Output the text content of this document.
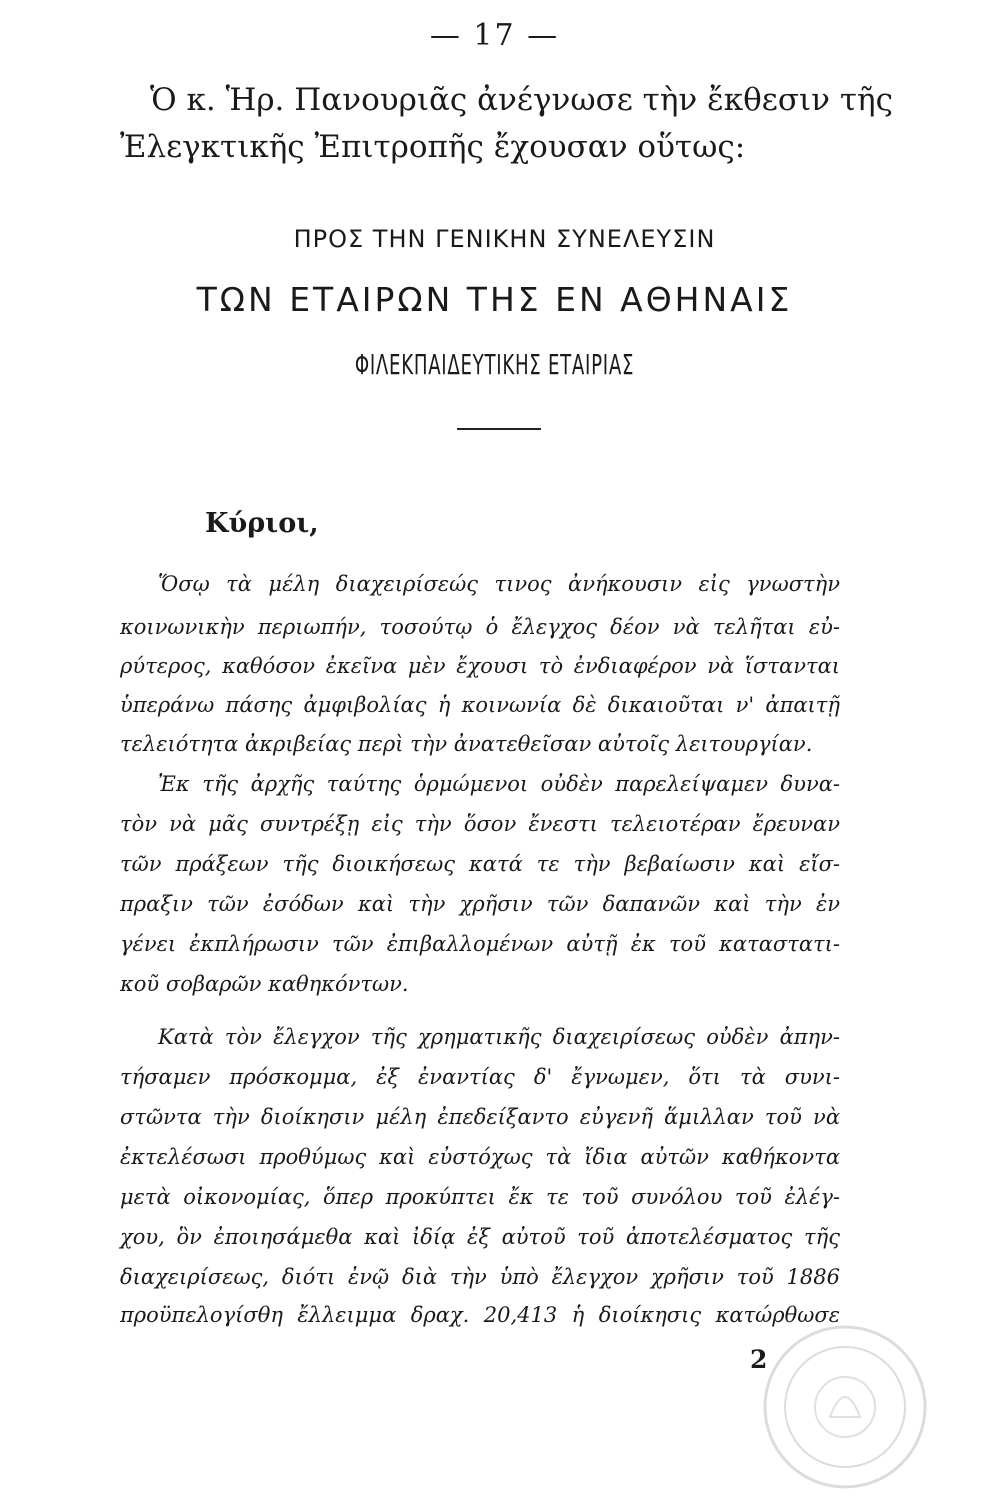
— 17 —
Ὁ κ. Ἡρ. Πανουριᾶς ἀνέγνωσε τὴν ἔκθεσιν τῆς
Ἐλεγκτικῆς Ἐπιτροπῆς ἔχουσαν οὕτως:
ΠΡΟΣ ΤΗΝ ΓΕΝΙΚΗΝ ΣΥΝΕΛΕΥΣΙΝ
ΤΩΝ ΕΤΑΙΡΩΝ ΤΗΣ ΕΝ ΑΘΗΝΑΙΣ
ΦΙΛΕΚΠΑΙΔΕΥΤΙΚΗΣ ΕΤΑΙΡΙΑΣ
Κύριοι,
Ὅσῳ τὰ μέλη διαχειρίσεώς τινος ἀνήκουσιν εἰς γνωστὴν
κοινωνικὴν περιωπήν, τοσούτῳ ὁ ἔλεγχος δέον νὰ τελῆται εὐ-
ρύτερος, καθόσον ἐκεῖνα μὲν ἔχουσι τὸ ἐνδιαφέρον νὰ ἵστανται
ὑπεράνω πάσης ἀμφιβολίας ἡ κοινωνία δὲ δικαιοῦται ν' ἀπαιτῇ
τελειότητα ἀκριβείας περὶ τὴν ἀνατεθεῖσαν αὐτοῖς λειτουργίαν.
Ἐκ τῆς ἀρχῆς ταύτης ὁρμώμενοι οὐδὲν παρελείψαμεν δυνα-
τὸν νὰ μᾶς συντρέξῃ εἰς τὴν ὅσον ἔνεστι τελειοτέραν ἔρευναν
τῶν πράξεων τῆς διοικήσεως κατά τε τὴν βεβαίωσιν καὶ εἴσ-
πραξιν τῶν ἐσόδων καὶ τὴν χρῆσιν τῶν δαπανῶν καὶ τὴν ἐν
γένει ἐκπλήρωσιν τῶν ἐπιβαλλομένων αὐτῇ ἐκ τοῦ καταστατι-
κοῦ σοβαρῶν καθηκόντων.
Κατὰ τὸν ἔλεγχον τῆς χρηματικῆς διαχειρίσεως οὐδὲν ἀπην-
τήσαμεν πρόσκομμα, ἐξ ἐναντίας δ' ἔγνωμεν, ὅτι τὰ συνι-
στῶντα τὴν διοίκησιν μέλη ἐπεδείξαντο εὐγενῆ ἅμιλλαν τοῦ νὰ
ἐκτελέσωσι προθύμως καὶ εὐστόχως τὰ ἴδια αὐτῶν καθήκοντα
μετὰ οἰκονομίας, ὅπερ προκύπτει ἔκ τε τοῦ συνόλου τοῦ ἐλέγ-
χου, ὃν ἐποιησάμεθα καὶ ἰδίᾳ ἐξ αὐτοῦ τοῦ ἀποτελέσματος τῆς
διαχειρίσεως, διότι ἐνῷ διὰ τὴν ὑπὸ ἔλεγχον χρῆσιν τοῦ 1886
προϋπελογίσθη ἔλλειμμα δραχ. 20,413 ἡ διοίκησις κατώρθωσε
2
